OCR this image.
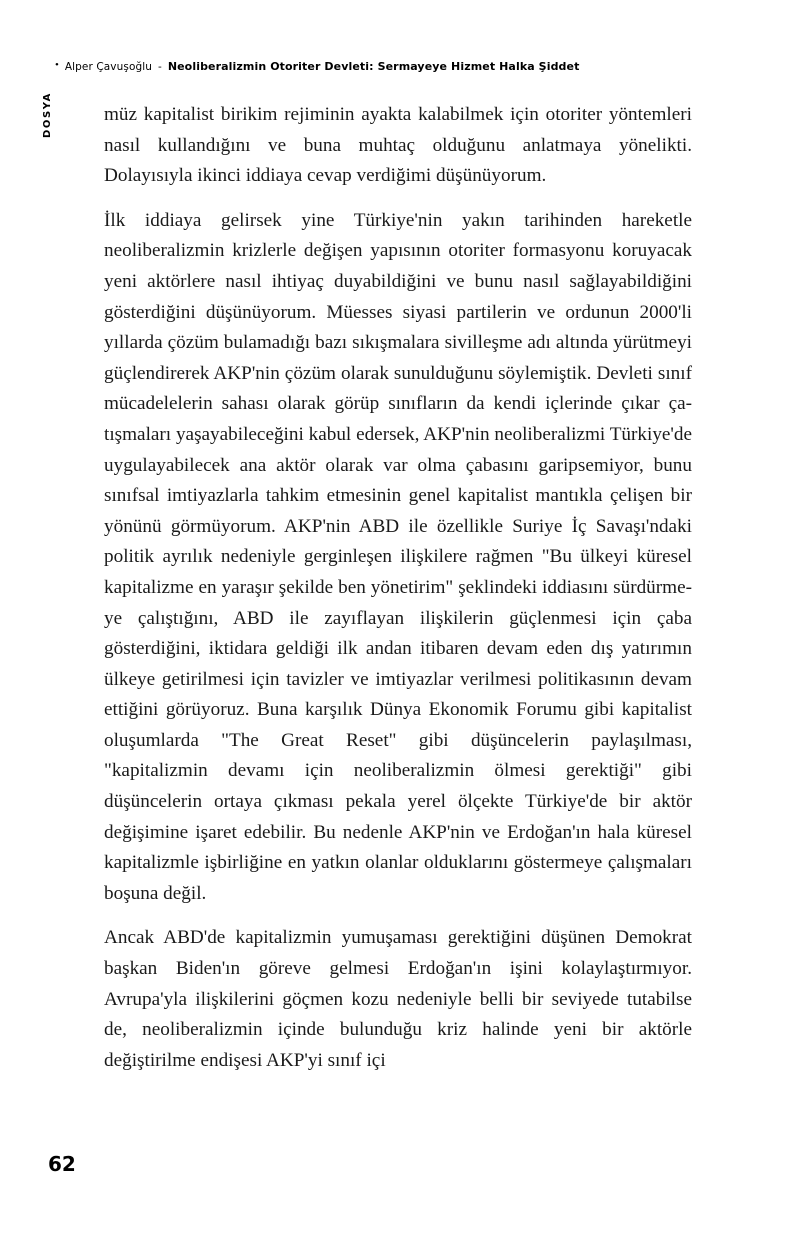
• Alper Çavuşoğlu - Neoliberalizmin Otoriter Devleti: Sermayeye Hizmet Halka Şiddet
DOSYA	müz kapitalist birikim rejiminin ayakta kalabilmek için otoriter yöntemleri nasıl kullandığını ve buna muhtaç olduğunu anlatmaya yönelikti. Dolayısıyla ikinci iddiaya cevap verdiğimi düşünüyorum.

İlk iddiaya gelirsek yine Türkiye'nin yakın tarihinden hareketle neoliberalizmin krizlerle değişen yapısının otoriter formasyonu koruyacak yeni aktörlere nasıl ihtiyaç duyabildiğini ve bunu nasıl sağlayabildiğini gösterdiğini düşünüyorum. Müesses siyasi partilerin ve ordunun 2000'li yıllarda çözüm bulamadığı bazı sıkışmalara sivilleşme adı altında yürütmeyi güçlendirerek AKP'nin çözüm olarak sunulduğunu söylemiştik. Devleti sınıf mücadelelerin sahası olarak görüp sınıfların da kendi içlerinde çıkar çatışmaları yaşayabileceğini kabul edersek, AKP'nin neoliberalizmi Türkiye'de uygulayabilecek ana aktör olarak var olma çabasını garipsemiyor, bunu sınıfsal imtiyazlarla tahkim etmesinin genel kapitalist mantıkla çelişen bir yönünü görmüyorum. AKP'nin ABD ile özellikle Suriye İç Savaşı'ndaki politik ayrılık nedeniyle gerginleşen ilişkilere rağmen "Bu ülkeyi küresel kapitalizme en yaraşır şekilde ben yönetirim" şeklindeki iddiasını sürdürmeye çalıştığını, ABD ile zayıflayan ilişkilerin güçlenmesi için çaba gösterdiğini, iktidara geldiği ilk andan itibaren devam eden dış yatırımın ülkeye getirilmesi için tavizler ve imtiyazlar verilmesi politikasının devam ettiğini görüyoruz. Buna karşılık Dünya Ekonomik Forumu gibi kapitalist oluşumlarda "The Great Reset" gibi düşüncelerin paylaşılması, "kapitalizmin devamı için neoliberalizmin ölmesi gerektiği" gibi düşüncelerin ortaya çıkması pekala yerel ölçekte Türkiye'de bir aktör değişimine işaret edebilir. Bu nedenle AKP'nin ve Erdoğan'ın hala küresel kapitalizmle işbirliğine en yatkın olanlar olduklarını göstermeye çalışmaları boşuna değil.

Ancak ABD'de kapitalizmin yumuşaması gerektiğini düşünen Demokrat başkan Biden'ın göreve gelmesi Erdoğan'ın işini kolaylaştırmıyor. Avrupa'yla ilişkilerini göçmen kozu nedeniyle belli bir seviyede tutabilse de, neoliberalizmin içinde bulunduğu kriz halinde yeni bir aktörle değiştirilme endişesi AKP'yi sınıf içi

62
